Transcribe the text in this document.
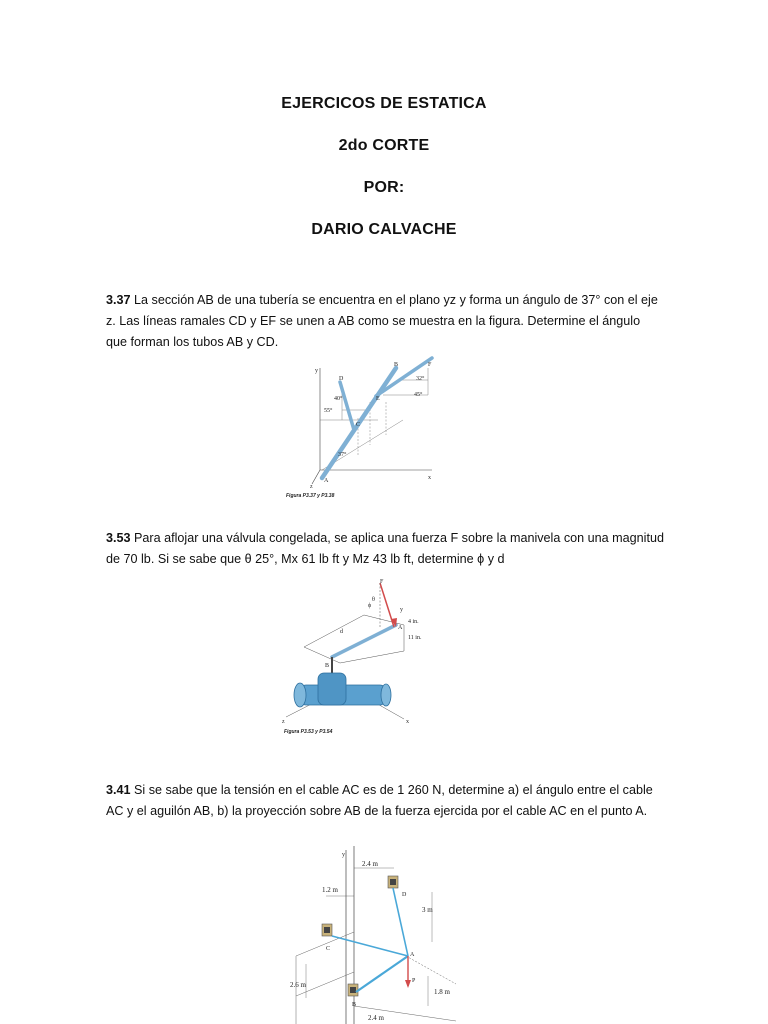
EJERCICOS DE ESTATICA
2do CORTE
POR:
DARIO CALVACHE
3.37 La sección AB de una tubería se encuentra en el plano yz y forma un ángulo de 37° con el eje z. Las líneas ramales CD y EF se unen a AB como se muestra en la figura. Determine el ángulo que forman los tubos AB y CD.
y
x
z
A
B
C
D
E
F
40°
55°
37°
32°
45°
Figura P3.37 y P3.38
3.53 Para aflojar una válvula congelada, se aplica una fuerza F sobre la manivela con una magnitud de 70 lb. Si se sabe que θ 25°, Mx 61 lb ft y Mz 43 lb ft, determine ϕ y d
F
θ
ϕ
d
4 in.
11 in.
A
B
z	x
y
Figura P3.53 y P3.54
3.41 Si se sabe que la tensión en el cable AC es de 1 260 N, determine a) el ángulo entre el cable AC y el aguilón AB, b) la proyección sobre AB de la fuerza ejercida por el cable AC en el punto A.
2.4 m
1.2 m
3 m
2.6 m
1.8 m
2.4 m
y
D
C
A
P
B
